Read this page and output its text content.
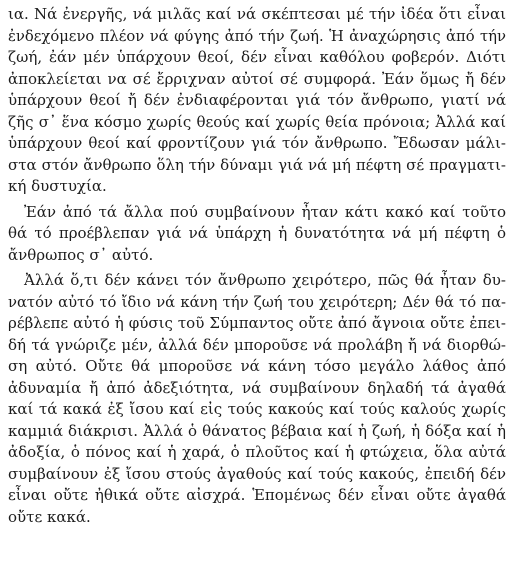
ια. Νά ἐνεργῆς, νά μιλᾶς καί νά σκέπτεσαι μέ τήν ἰδέα ὅτι εἶναι
ἐνδεχόμενο πλέον νά φύγης ἀπό τήν ζωή. Ἡ ἀναχώρησις ἀπό τήν
ζωή, ἐάν μέν ὑπάρχουν θεοί, δέν εἶναι καθόλου φοβερόν. Διότι
ἀποκλείεται να σέ ἔρριχναν αὐτοί σέ συμφορά. Ἐάν ὅμως ἤ δέν
ὑπάρχουν θεοί ἤ δέν ἐνδιαφέρονται γιά τόν ἄνθρωπο, γιατί νά
ζῆς σ᾽ ἕνα κόσμο χωρίς θεούς καί χωρίς θεία πρόνοια; Ἀλλά καί
ὑπάρχουν θεοί καί φροντίζουν γιά τόν ἄνθρωπο. Ἔδωσαν μάλι-
στα στόν ἄνθρωπο ὅλη τήν δύναμι γιά νά μή πέφτη σέ πραγματι-
κή δυστυχία.

Ἐάν ἀπό τά ἄλλα πού συμβαίνουν ἦταν κάτι κακό καί τοῦτο
θά τό προέβλεπαν γιά νά ὑπάρχη ἡ δυνατότητα νά μή πέφτη ὁ
ἄνθρωπος σ᾽ αὐτό.

Ἀλλά ὅ,τι δέν κάνει τόν ἄνθρωπο χειρότερο, πῶς θά ἦταν δυ-
νατόν αὐτό τό ἴδιο νά κάνη τήν ζωή του χειρότερη; Δέν θά τό πα-
ρέβλεπε αὐτό ἡ φύσις τοῦ Σύμπαντος οὔτε ἀπό ἄγνοια οὔτε ἐπει-
δή τά γνώριζε μέν, ἀλλά δέν μποροῦσε νά προλάβη ἤ νά διορθώ-
ση αὐτό. Οὔτε θά μποροῦσε νά κάνη τόσο μεγάλο λάθος ἀπό
ἀδυναμία ἤ ἀπό ἀδεξιότητα, νά συμβαίνουν δηλαδή τά ἀγαθά
καί τά κακά ἐξ ἴσου καί εἰς τούς κακούς καί τούς καλούς χωρίς
καμμιά διάκρισι. Ἀλλά ὁ θάνατος βέβαια καί ἡ ζωή, ἡ δόξα καί ἡ
ἀδοξία, ὁ πόνος καί ἡ χαρά, ὁ πλοῦτος καί ἡ φτώχεια, ὅλα αὐτά
συμβαίνουν ἐξ ἴσου στούς ἀγαθούς καί τούς κακούς, ἐπειδή δέν
εἶναι οὔτε ἠθικά οὔτε αἰσχρά. Ἑπομένως δέν εἶναι οὔτε ἀγαθά
οὔτε κακά.
